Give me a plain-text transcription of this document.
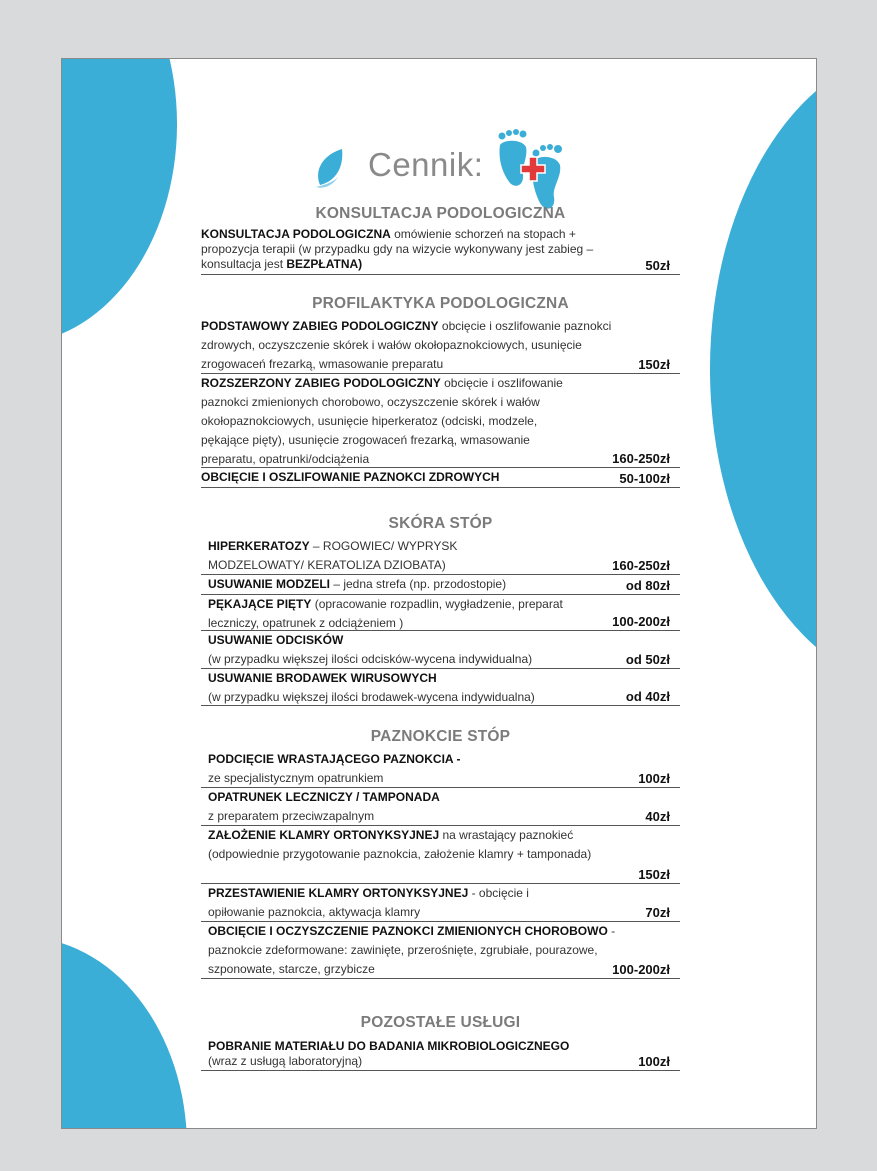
Cennik:
KONSULTACJA PODOLOGICZNA
KONSULTACJA PODOLOGICZNA omówienie schorzeń na stopach + propozycja terapii (w przypadku gdy na wizycie wykonywany jest zabieg – konsultacja jest BEZPŁATNA)	50zł
PROFILAKTYKA PODOLOGICZNA
PODSTAWOWY ZABIEG PODOLOGICZNY obcięcie i oszlifowanie paznokci zdrowych, oczyszczenie skórek i wałów okołopaznokciowych, usunięcie zrogowaceń frezarką, wmasowanie preparatu	150zł
ROZSZERZONY ZABIEG PODOLOGICZNY obcięcie i oszlifowanie paznokci zmienionych chorobowo, oczyszczenie skórek i wałów okołopaznokciowych, usunięcie hiperkeratoz (odciski, modzele, pękające pięty), usunięcie zrogowaceń frezarką, wmasowanie preparatu, opatrunki/odciążenia	160-250zł
OBCIĘCIE I OSZLIFOWANIE PAZNOKCI ZDROWYCH	50-100zł
SKÓRA STÓP
HIPERKERATOZY – ROGOWIEC/ WYPRYSK MODZELOWATY/ KERATOLIZA DZIOBATA)	160-250zł
USUWANIE MODZELI – jedna strefa (np. przodostopie)	od 80zł
PĘKAJĄCE PIĘTY (opracowanie rozpadlin, wygładzenie, preparat leczniczy, opatrunek z odciążeniem )	100-200zł
USUWANIE ODCISKÓW
(w przypadku większej ilości odcisków-wycena indywidualna)	od 50zł
USUWANIE BRODAWEK WIRUSOWYCH
(w przypadku większej ilości brodawek-wycena indywidualna)	od 40zł
PAZNOKCIE STÓP
PODCIĘCIE WRASTAJĄCEGO PAZNOKCIA -
ze specjalistycznym opatrunkiem	100zł
OPATRUNEK LECZNICZY / TAMPONADA
z preparatem przeciwzapalnym	40zł
ZAŁOŻENIE KLAMRY ORTONYKSYJNEJ na wrastający paznokieć (odpowiednie przygotowanie paznokcia, założenie klamry + tamponada)
150zł
PRZESTAWIENIE KLAMRY ORTONYKSYJNEJ - obcięcie i opiłowanie paznokcia, aktywacja klamry	70zł
OBCIĘCIE I OCZYSZCZENIE PAZNOKCI ZMIENIONYCH CHOROBOWO - paznokcie zdeformowane: zawinięte, przerośnięte, zgrubiałe, pourazowe, szponowate, starcze, grzybicze	100-200zł
POZOSTAŁE USŁUGI
POBRANIE MATERIAŁU DO BADANIA MIKROBIOLOGICZNEGO
(wraz z usługą laboratoryjną)	100zł
